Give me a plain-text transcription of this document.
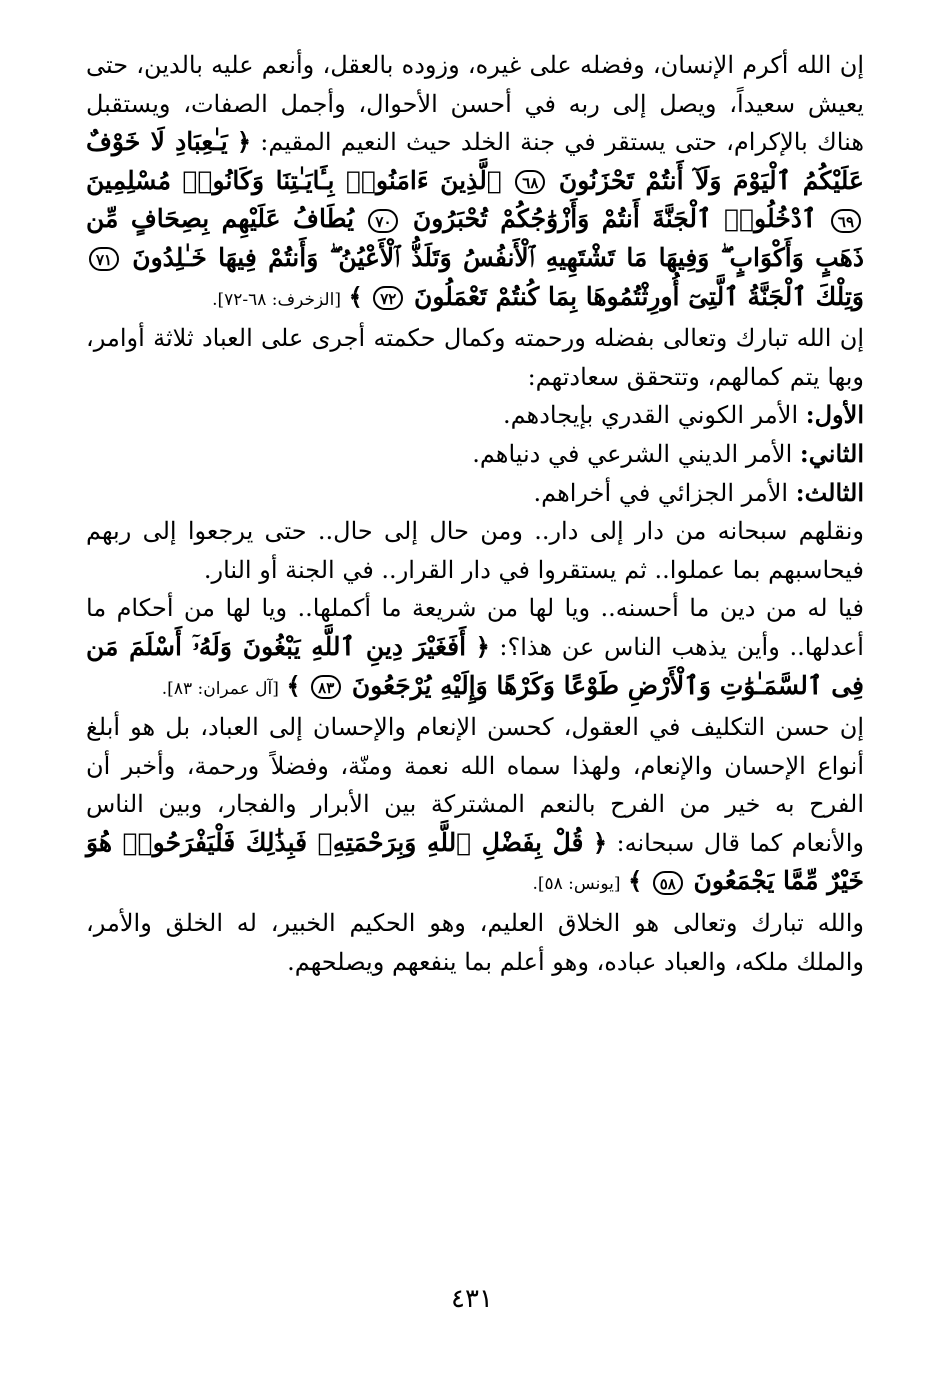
إن الله أكرم الإنسان، وفضله على غيره، وزوده بالعقل، وأنعم عليه بالدين، حتى يعيش سعيداً، ويصل إلى ربه في أحسن الأحوال، وأجمل الصفات، ويستقبل هناك بالإكرام، حتى يستقر في جنة الخلد حيث النعيم المقيم: ﴿ يَـٰعِبَادِ لَا خَوْفٌ عَلَيْكُمُ ٱلْيَوْمَ وَلَآ أَنتُمْ تَحْزَنُونَ ٦٨ ٱلَّذِينَ ءَامَنُوا۟ بِـَٔايَـٰتِنَا وَكَانُوا۟ مُسْلِمِينَ ٦٩ ٱدْخُلُوا۟ ٱلْجَنَّةَ أَنتُمْ وَأَزْوَٰجُكُمْ تُحْبَرُونَ ٧٠ يُطَافُ عَلَيْهِم بِصِحَافٍ مِّن ذَهَبٍ وَأَكْوَابٍ ۖ وَفِيهَا مَا تَشْتَهِيهِ ٱلْأَنفُسُ وَتَلَذُّ ٱلْأَعْيُنُ ۖ وَأَنتُمْ فِيهَا خَـٰلِدُونَ ٧١ وَتِلْكَ ٱلْجَنَّةُ ٱلَّتِىٓ أُورِثْتُمُوهَا بِمَا كُنتُمْ تَعْمَلُونَ ٧٢ ﴾ [الزخرف: ٦٨-٧٢].

إن الله تبارك وتعالى بفضله ورحمته وكمال حكمته أجرى على العباد ثلاثة أوامر، وبها يتم كمالهم، وتتحقق سعادتهم:

الأول: الأمر الكوني القدري بإيجادهم.

الثاني: الأمر الديني الشرعي في دنياهم.

الثالث: الأمر الجزائي في أخراهم.

ونقلهم سبحانه من دار إلى دار.. ومن حال إلى حال.. حتى يرجعوا إلى ربهم فيحاسبهم بما عملوا.. ثم يستقروا في دار القرار.. في الجنة أو النار.

فيا له من دين ما أحسنه.. ويا لها من شريعة ما أكملها.. ويا لها من أحكام ما أعدلها.. وأين يذهب الناس عن هذا؟: ﴿ أَفَغَيْرَ دِينِ ٱللَّهِ يَبْغُونَ وَلَهُۥٓ أَسْلَمَ مَن فِى ٱلسَّمَـٰوَٰتِ وَٱلْأَرْضِ طَوْعًا وَكَرْهًا وَإِلَيْهِ يُرْجَعُونَ ٨٣ ﴾ [آل عمران: ٨٣].

إن حسن التكليف في العقول، كحسن الإنعام والإحسان إلى العباد، بل هو أبلغ أنواع الإحسان والإنعام، ولهذا سماه الله نعمة ومنّة، وفضلاً ورحمة، وأخبر أن الفرح به خير من الفرح بالنعم المشتركة بين الأبرار والفجار، وبين الناس والأنعام كما قال سبحانه: ﴿ قُلْ بِفَضْلِ ٱللَّهِ وَبِرَحْمَتِهِۦ فَبِذَٰلِكَ فَلْيَفْرَحُوا۟ هُوَ خَيْرٌ مِّمَّا يَجْمَعُونَ ٥٨ ﴾ [يونس: ٥٨].

والله تبارك وتعالى هو الخلاق العليم، وهو الحكيم الخبير، له الخلق والأمر، والملك ملكه، والعباد عباده، وهو أعلم بما ينفعهم ويصلحهم.

٤٣١
